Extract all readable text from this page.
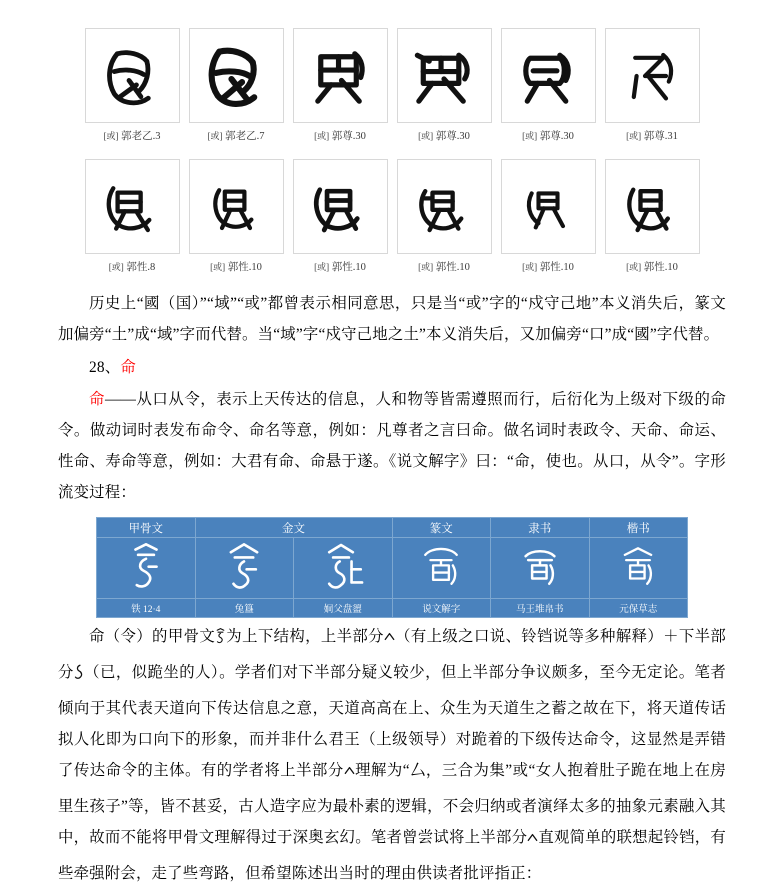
[或] 郭老乙.3	[或] 郭老乙.7	[或] 郭尊.30	[或] 郭尊.30	[或] 郭尊.30	[或] 郭尊.31
[或] 郭性.8	[或] 郭性.10	[或] 郭性.10	[或] 郭性.10	[或] 郭性.10	[或] 郭性.10

历史上“國（国）”“域”“或”都曾表示相同意思，只是当“或”字的“戍守己地”本义消失后，篆文加偏旁“土”成“域”字而代替。当“域”字“戍守己地之土”本义消失后，又加偏旁“口”成“國”字代替。

28、命

命——从口从令，表示上天传达的信息，人和物等皆需遵照而行，后衍化为上级对下级的命令。做动词时表发布命令、命名等意，例如：凡尊者之言曰命。做名词时表政令、天命、命运、性命、寿命等意，例如：大君有命、命悬于遂。《说文解字》曰：“命，使也。从口，从令”。字形流变过程：

甲骨文	金文		篆文	隶书	楷书

铁 12·4	兔簋	姛父盘盨	说文解字	马王堆帛书	元保草志

命（令）的甲骨文 为上下结构，上半部分 （有上级之口说、铃铛说等多种解释）＋下半部分 （已，似跪坐的人）。学者们对下半部分疑义较少，但上半部分争议颇多，至今无定论。笔者倾向于其代表天道向下传达信息之意，天道高高在上、众生为天道生之蓄之故在下，将天道传话拟人化即为口向下的形象，而并非什么君王（上级领导）对跪着的下级传达命令，这显然是弄错了传达命令的主体。有的学者将上半部分 理解为“厶，三合为集”或“女人抱着肚子跪在地上在房里生孩子”等，皆不甚妥，古人造字应为最朴素的逻辑，不会归纳或者演绎太多的抽象元素融入其中，故而不能将甲骨文理解得过于深奥玄幻。笔者曾尝试将上半部分 直观简单的联想起铃铛，有些牵强附会，走了些弯路，但希望陈述出当时的理由供读者批评指正：
